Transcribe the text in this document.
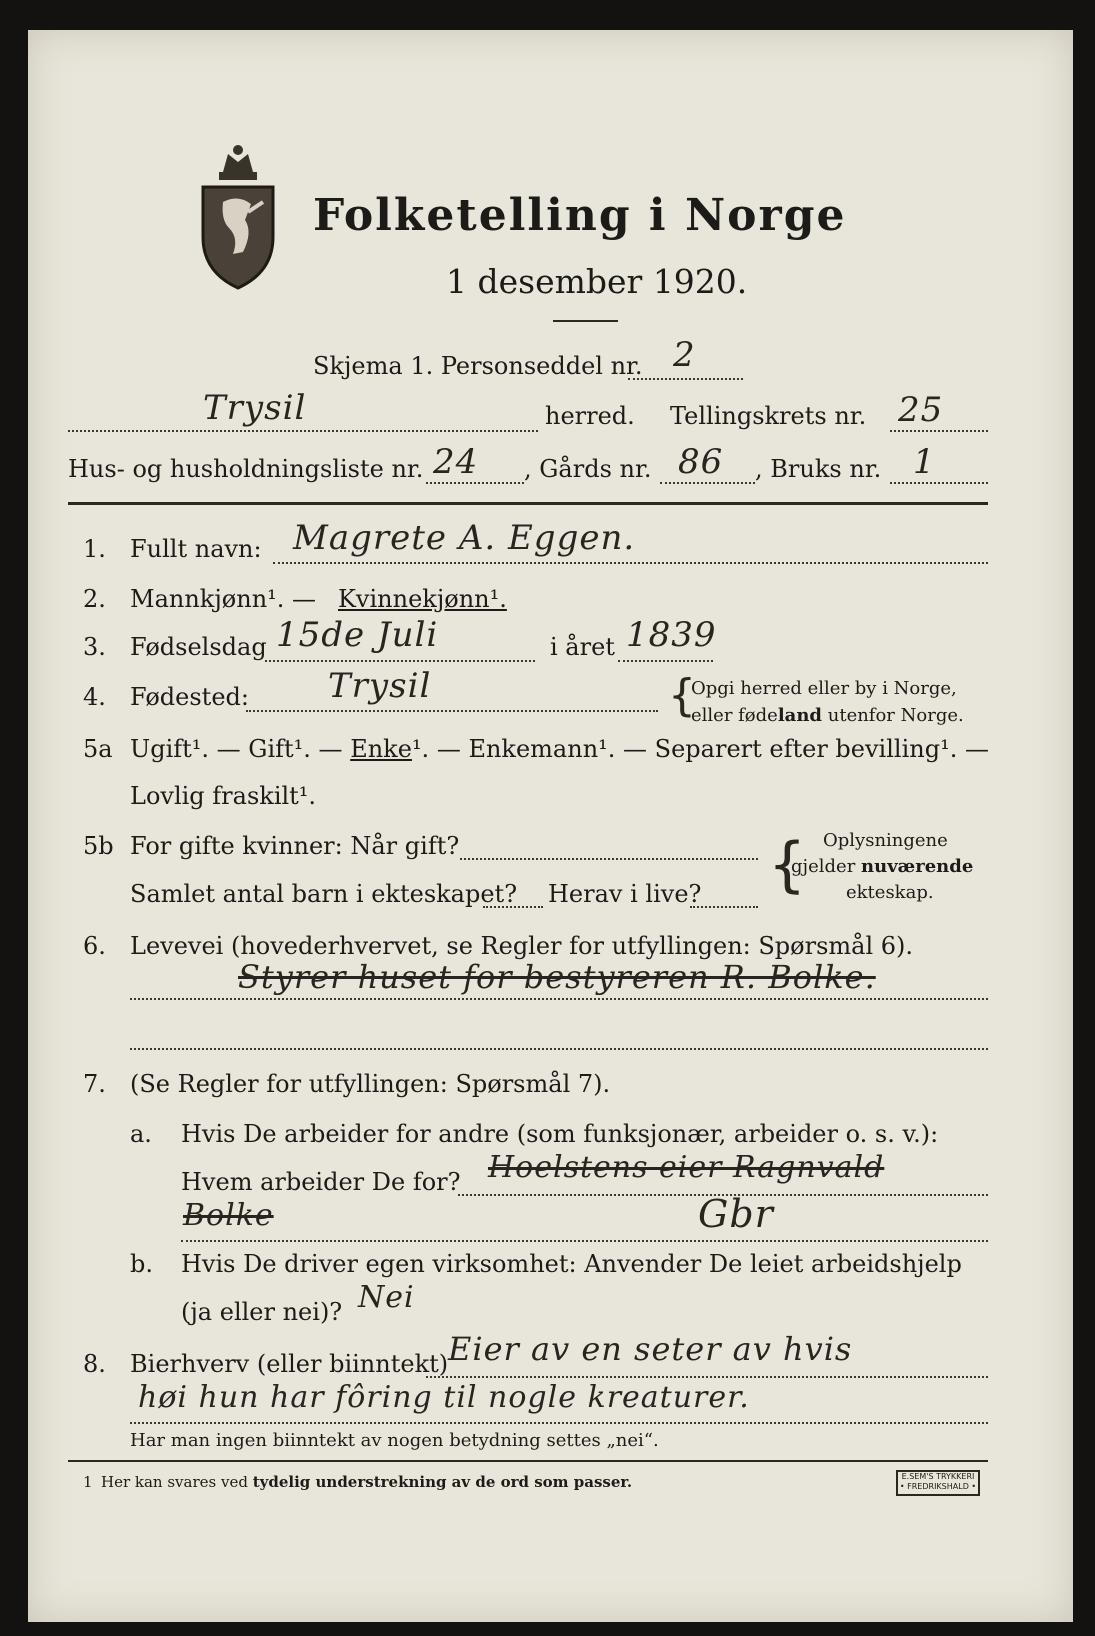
Folketelling i Norge
1 desember 1920.
Skjema 1. Personseddel nr. 2
Trysil	herred. Tellingskrets nr. 25
Hus- og husholdningsliste nr. 24 , Gårds nr. 86 , Bruks nr. 1
1. Fullt navn: Magrete A. Eggen.
2. Mannkjønn¹. — Kvinnekjønn¹.
3. Fødselsdag 15de Juli	i året 1839
4. Fødested: Trysil	{
Opgi herred eller by i Norge,
eller fødeland utenfor Norge.
5a Ugift¹. — Gift¹. — Enke¹. — Enkemann¹. — Separert efter bevilling¹. —
Lovlig fraskilt¹.
5b For gifte kvinner: Når gift?
Samlet antal barn i ekteskapet? Herav i live? { Oplysningene
gjelder nuværende
ekteskap.
6. Levevei (hovederhvervet, se Regler for utfyllingen: Spørsmål 6).
Styrer huset for bestyreren R. Bolke.
7. (Se Regler for utfyllingen: Spørsmål 7).
a. Hvis De arbeider for andre (som funksjonær, arbeider o. s. v.):
Hvem arbeider De for? Hoelstens eier Ragnvald
Bolke	Gbr
b. Hvis De driver egen virksomhet: Anvender De leiet arbeidshjelp
(ja eller nei)? Nei
8. Bierhverv (eller biinntekt) Eier av en seter av hvis
høi hun har fôring til nogle kreaturer.
Har man ingen biinntekt av nogen betydning settes „nei“.
1 Her kan svares ved tydelig understrekning av de ord som passer.	E.SEM'S TRYKKERI
• FREDRIKSHALD •
